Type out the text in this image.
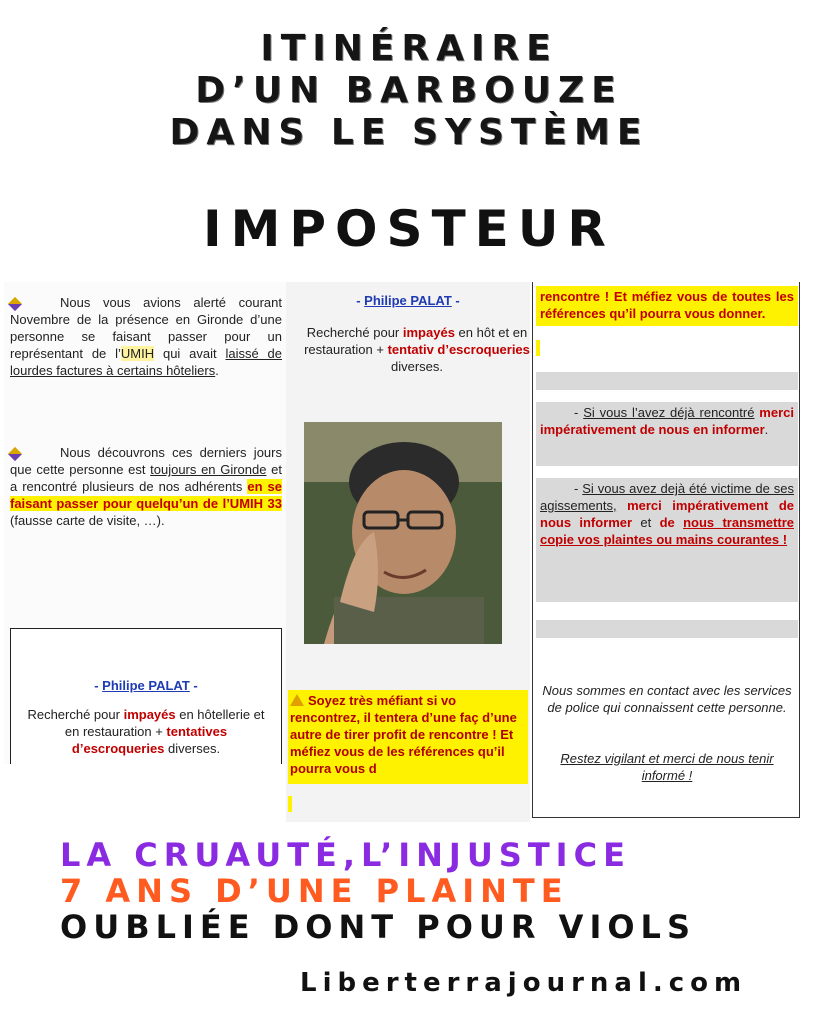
ITINÉRAIRE
D’UN BARBOUZE
DANS LE SYSTÈME
IMPOSTEUR
Nous vous avions alerté courant Novembre de la présence en Gironde d’une personne se faisant passer pour un représentant de l’UMIH qui avait laissé de lourdes factures à certains hôteliers.
Nous découvrons ces derniers jours que cette personne est toujours en Gironde et a rencontré plusieurs de nos adhérents en se faisant passer pour quelqu’un de l’UMIH 33 (fausse carte de visite, …).
- Philipe PALAT -
Recherché pour impayés en hôtellerie et en restauration + tentatives d’escroqueries diverses.
- Philipe PALAT -
Recherché pour impayés en hôt et en restauration + tentativ d’escroqueries diverses.
Soyez très méfiant si vo rencontrez, il tentera d’une faç d’une autre de tirer profit de rencontre ! Et méfiez vous de les références qu’il pourra vous d
rencontre ! Et méfiez vous de toutes les références qu’il pourra vous donner.
- Si vous l’avez déjà rencontré merci impérativement de nous en informer.
- Si vous avez dejà été victime de ses agissements, merci impérativement de nous informer et de nous transmettre copie vos plaintes ou mains courantes !
Nous sommes en contact avec les services de police qui connaissent cette personne.
Restez vigilant et merci de nous tenir informé !
LA CRUAUTÉ,L’INJUSTICE
7 ANS D’UNE PLAINTE
OUBLIÉE DONT POUR VIOLS
Liberterrajournal.com
